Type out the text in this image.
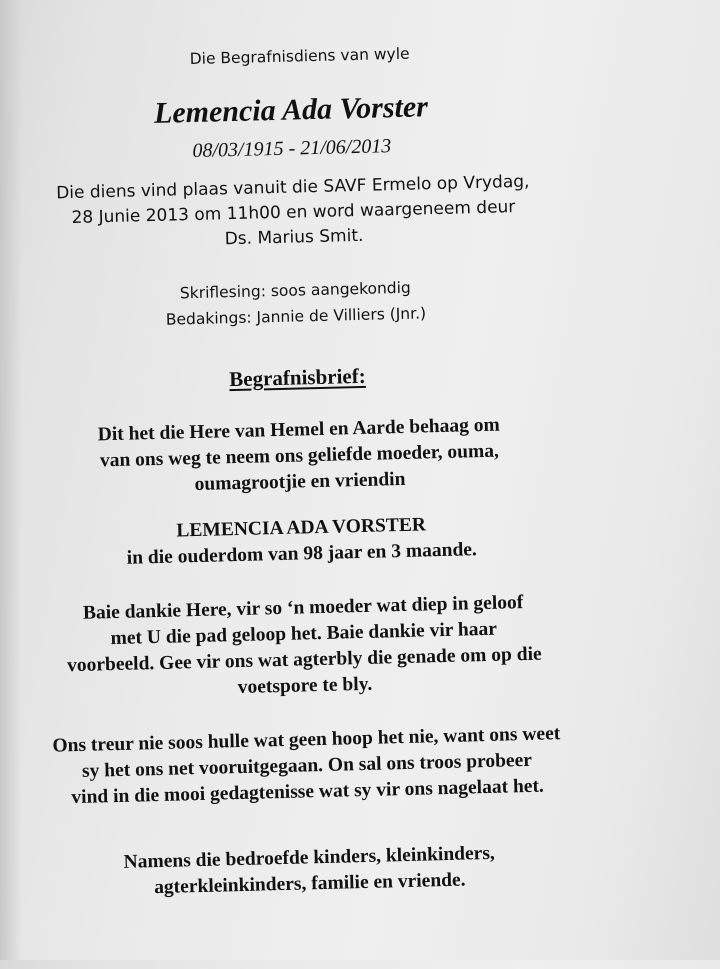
Die Begrafnisdiens van wyle

Lemencia Ada Vorster

08/03/1915 - 21/06/2013

Die diens vind plaas vanuit die SAVF Ermelo op Vrydag,

28 Junie 2013 om 11h00 en word waargeneem deur

Ds. Marius Smit.

Skriflesing: soos aangekondig

Bedakings: Jannie de Villiers (Jnr.)

Begrafnisbrief:

Dit het die Here van Hemel en Aarde behaag om

van ons weg te neem ons geliefde moeder, ouma,

oumagrootjie en vriendin

LEMENCIA ADA VORSTER

in die ouderdom van 98 jaar en 3 maande.

Baie dankie Here, vir so ‘n moeder wat diep in geloof

met U die pad geloop het. Baie dankie vir haar

voorbeeld. Gee vir ons wat agterbly die genade om op die

voetspore te bly.

Ons treur nie soos hulle wat geen hoop het nie, want ons weet

sy het ons net vooruitgegaan. On sal ons troos probeer

vind in die mooi gedagtenisse wat sy vir ons nagelaat het.

Namens die bedroefde kinders, kleinkinders,

agterkleinkinders, familie en vriende.
